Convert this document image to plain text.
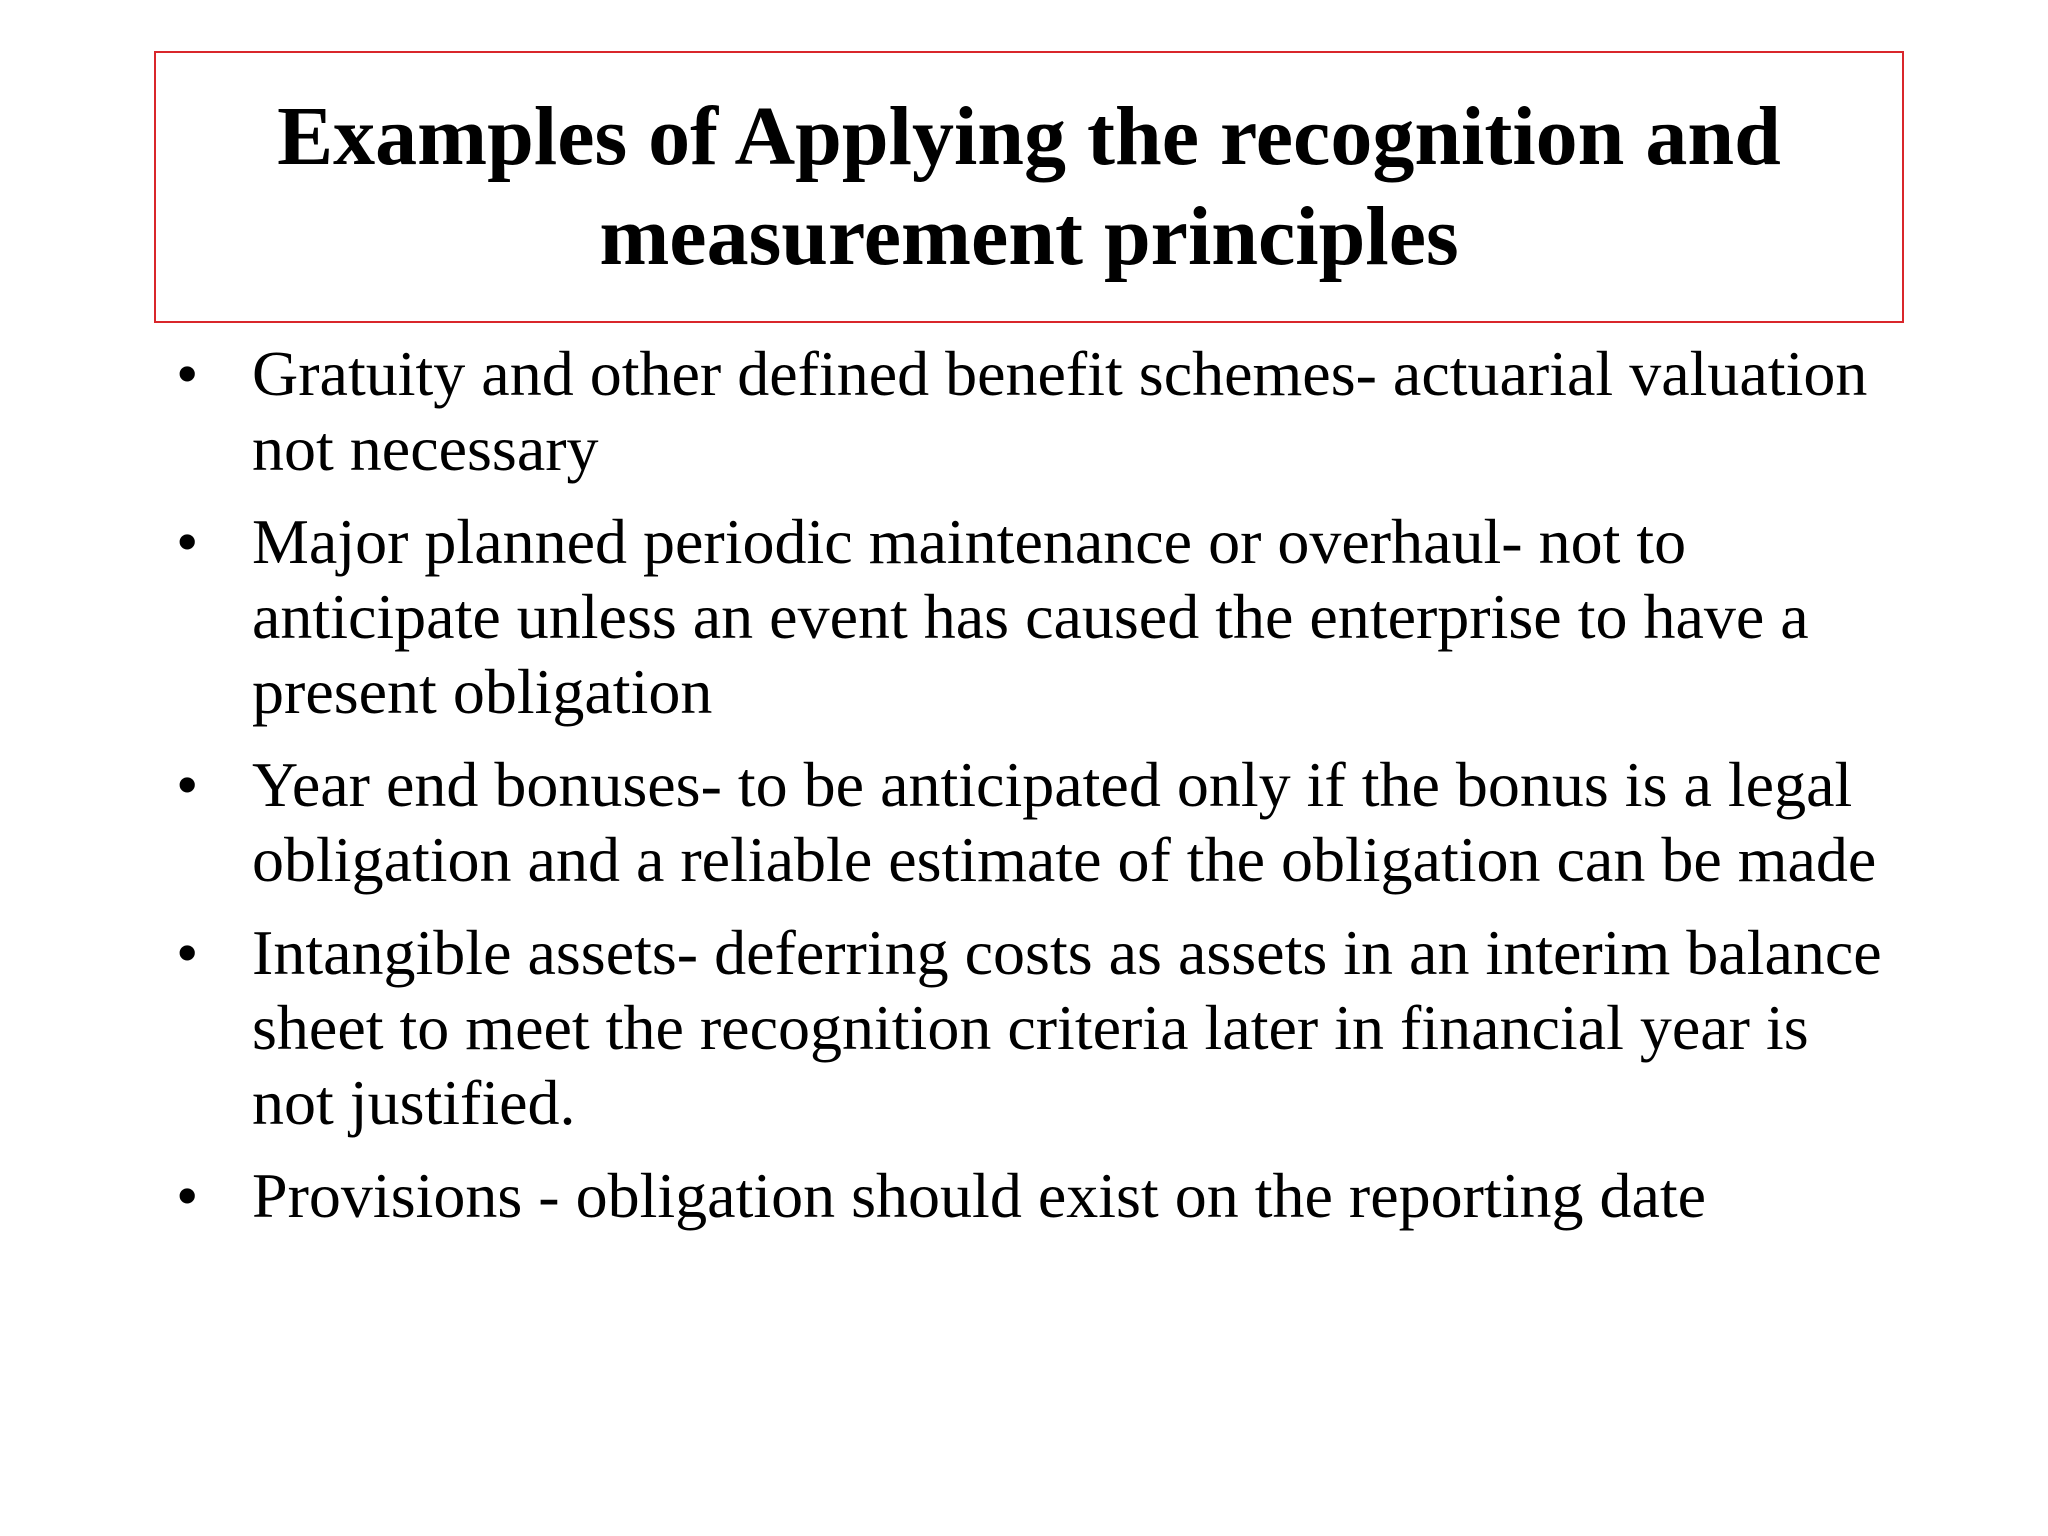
Examples of Applying the recognition and measurement principles
• Gratuity and other defined benefit schemes- actuarial valuation not necessary
• Major planned periodic maintenance or overhaul- not to anticipate unless an event has caused the enterprise to have a present obligation
• Year end bonuses- to be anticipated only if the bonus is a legal obligation and a reliable estimate of the obligation can be made
• Intangible assets- deferring costs as assets in an interim balance sheet to meet the recognition criteria later in financial year is not justified.
• Provisions - obligation should exist on the reporting date
